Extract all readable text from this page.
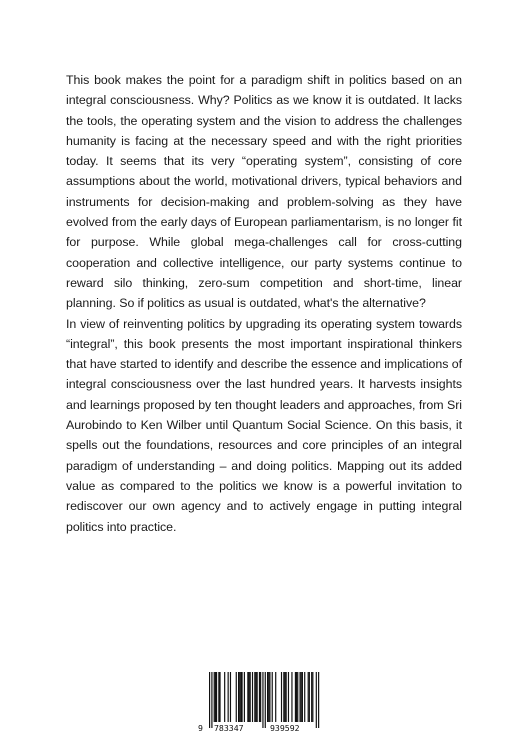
This book makes the point for a paradigm shift in politics based on an integral consciousness. Why? Politics as we know it is outdated. It lacks the tools, the operating system and the vision to address the challenges humanity is facing at the necessary speed and with the right priorities today. It seems that its very “operating system”, consisting of core assumptions about the world, motivational drivers, typical behaviors and instruments for decision-making and problem-solving as they have evolved from the early days of European parliamentarism, is no longer fit for purpose. While global mega-challenges call for cross-cutting cooperation and collective intelligence, our party systems continue to reward silo thinking, zero-sum competition and short-time, linear planning. So if politics as usual is outdated, what's the alternative?

In view of reinventing politics by upgrading its operating system towards “integral”, this book presents the most important inspirational thinkers that have started to identify and describe the essence and implications of integral consciousness over the last hundred years. It harvests insights and learnings proposed by ten thought leaders and approaches, from Sri Aurobindo to Ken Wilber until Quantum Social Science. On this basis, it spells out the foundations, resources and core principles of an integral paradigm of understanding – and doing politics. Mapping out its added value as compared to the politics we know is a powerful invitation to rediscover our own agency and to actively engage in putting integral politics into practice.

9 783347	939592
